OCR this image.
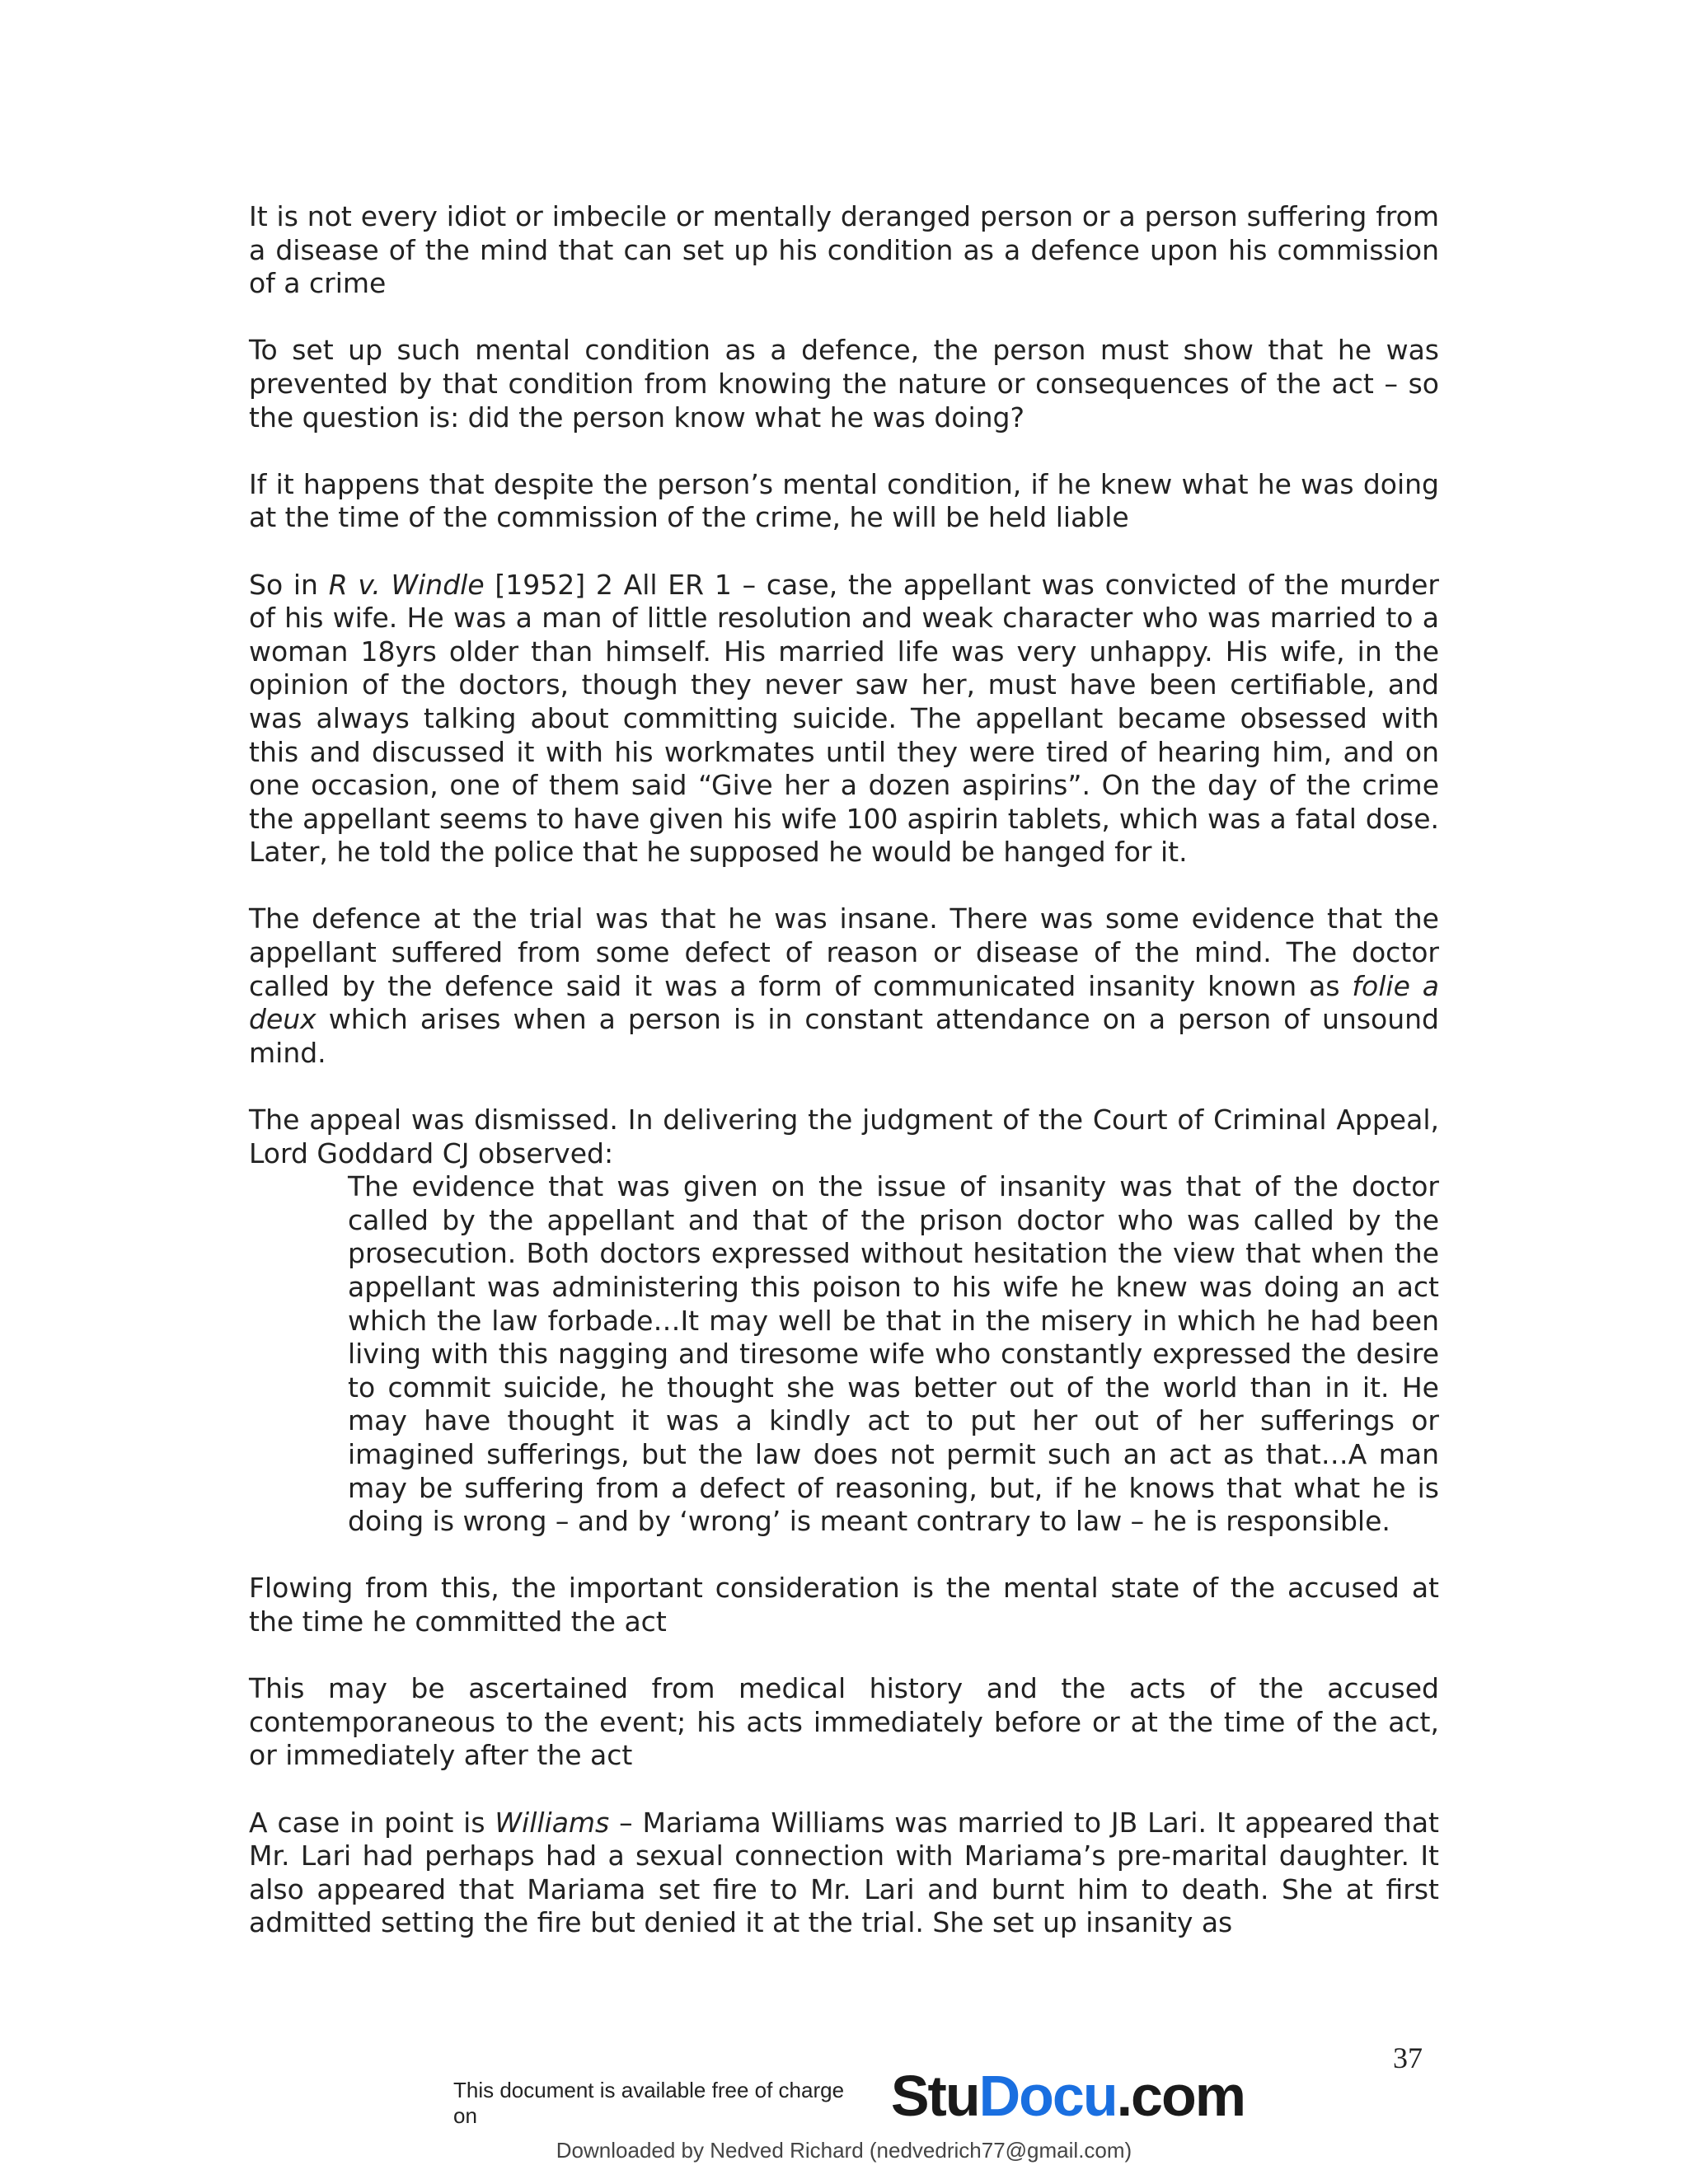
It is not every idiot or imbecile or mentally deranged person or a person suffering from a disease of the mind that can set up his condition as a defence upon his commission of a crime

To set up such mental condition as a defence, the person must show that he was prevented by that condition from knowing the nature or consequences of the act – so the question is: did the person know what he was doing?

If it happens that despite the person’s mental condition, if he knew what he was doing at the time of the commission of the crime, he will be held liable

So in R v. Windle [1952] 2 All ER 1 – case, the appellant was convicted of the murder of his wife. He was a man of little resolution and weak character who was married to a woman 18yrs older than himself. His married life was very unhappy. His wife, in the opinion of the doctors, though they never saw her, must have been certifiable, and was always talking about committing suicide. The appellant became obsessed with this and discussed it with his workmates until they were tired of hearing him, and on one occasion, one of them said “Give her a dozen aspirins”. On the day of the crime the appellant seems to have given his wife 100 aspirin tablets, which was a fatal dose. Later, he told the police that he supposed he would be hanged for it.

The defence at the trial was that he was insane. There was some evidence that the appellant suffered from some defect of reason or disease of the mind. The doctor called by the defence said it was a form of communicated insanity known as folie a deux which arises when a person is in constant attendance on a person of unsound mind.

The appeal was dismissed. In delivering the judgment of the Court of Criminal Appeal, Lord Goddard CJ observed:

The evidence that was given on the issue of insanity was that of the doctor called by the appellant and that of the prison doctor who was called by the prosecution. Both doctors expressed without hesitation the view that when the appellant was administering this poison to his wife he knew was doing an act which the law forbade…It may well be that in the misery in which he had been living with this nagging and tiresome wife who constantly expressed the desire to commit suicide, he thought she was better out of the world than in it. He may have thought it was a kindly act to put her out of her sufferings or imagined sufferings, but the law does not permit such an act as that…A man may be suffering from a defect of reasoning, but, if he knows that what he is doing is wrong – and by ‘wrong’ is meant contrary to law – he is responsible.

Flowing from this, the important consideration is the mental state of the accused at the time he committed the act

This may be ascertained from medical history and the acts of the accused contemporaneous to the event; his acts immediately before or at the time of the act, or immediately after the act

A case in point is Williams – Mariama Williams was married to JB Lari. It appeared that Mr. Lari had perhaps had a sexual connection with Mariama’s pre-marital daughter. It also appeared that Mariama set fire to Mr. Lari and burnt him to death. She at first admitted setting the fire but denied it at the trial. She set up insanity as

37
This document is available free of charge on	StuDocu.com
Downloaded by Nedved Richard (nedvedrich77@gmail.com)
